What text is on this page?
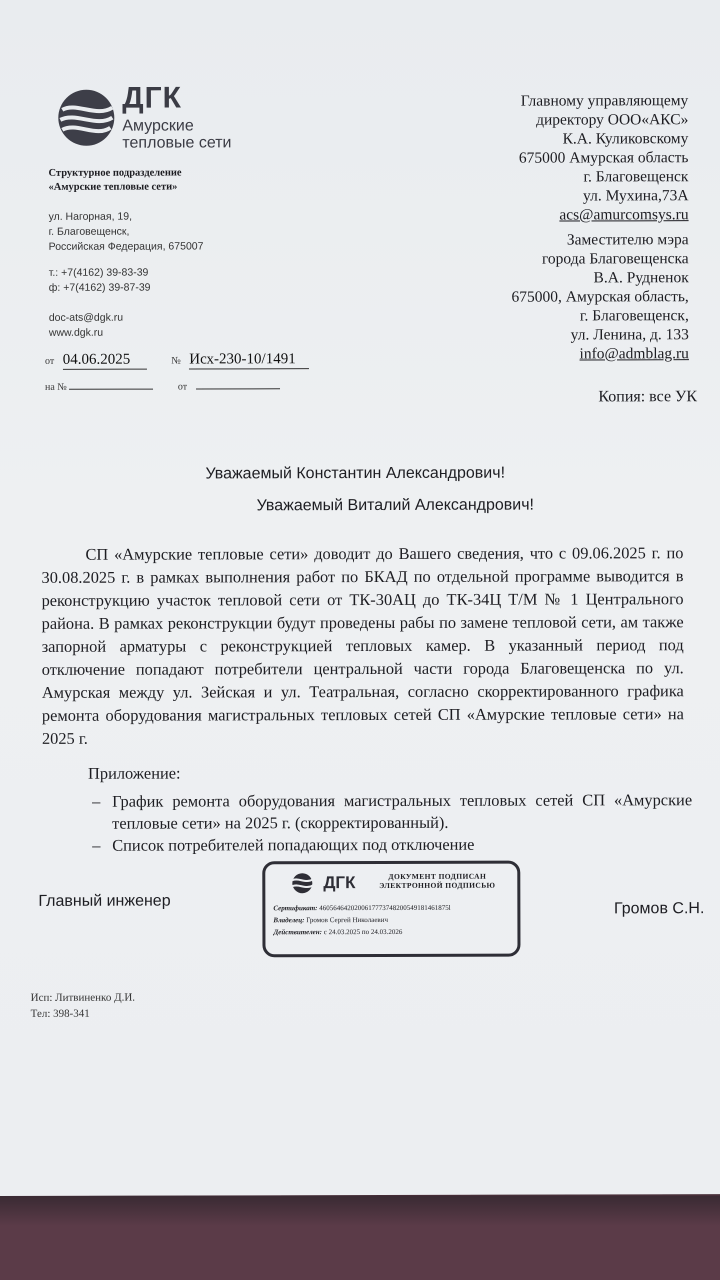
ДГК
Амурские
тепловые сети
Структурное подразделение
«Амурские тепловые сети»
ул. Нагорная, 19,
г. Благовещенск,
Российская Федерация, 675007
т.: +7(4162) 39-83-39
ф: +7(4162) 39-87-39
doc-ats@dgk.ru
www.dgk.ru
от 04.06.2025	№ Исх-230-10/1491
на №	от
Главному управляющему
директору ООО«АКС»
К.А. Куликовскому
675000 Амурская область
г. Благовещенск
ул. Мухина,73А
acs@amurcomsys.ru
Заместителю мэра
города Благовещенска
В.А. Рудненок
675000, Амурская область,
г. Благовещенск,
ул. Ленина, д. 133
info@admblag.ru
Копия: все УК
Уважаемый Константин Александрович!
Уважаемый Виталий Александрович!
СП «Амурские тепловые сети» доводит до Вашего сведения, что с 09.06.2025 г. по 30.08.2025 г. в рамках выполнения работ по БКАД по отдельной программе выводится в реконструкцию участок тепловой сети от ТК-30АЦ до ТК-34Ц Т/М № 1 Центрального района. В рамках реконструкции будут проведены рабы по замене тепловой сети, ам также запорной арматуры с реконструкцией тепловых камер. В указанный период под отключение попадают потребители центральной части города Благовещенска по ул. Амурская между ул. Зейская и ул. Театральная, согласно скорректированного графика ремонта оборудования магистральных тепловых сетей СП «Амурские тепловые сети» на 2025 г.
Приложение:
– График ремонта оборудования магистральных тепловых сетей СП «Амурские тепловые сети» на 2025 г. (скорректированный).
– Список потребителей попадающих под отключение
Главный инженер	Громов С.Н.
ДГК	ДОКУМЕНТ ПОДПИСАН
ЭЛЕКТРОННОЙ ПОДПИСЬЮ
Сертификат: 4605646420200617773748200549181461875l
Владелец: Громов Сергей Николаевич
Действителен: с 24.03.2025 по 24.03.2026
Исп: Литвиненко Д.И.
Тел: 398-341
